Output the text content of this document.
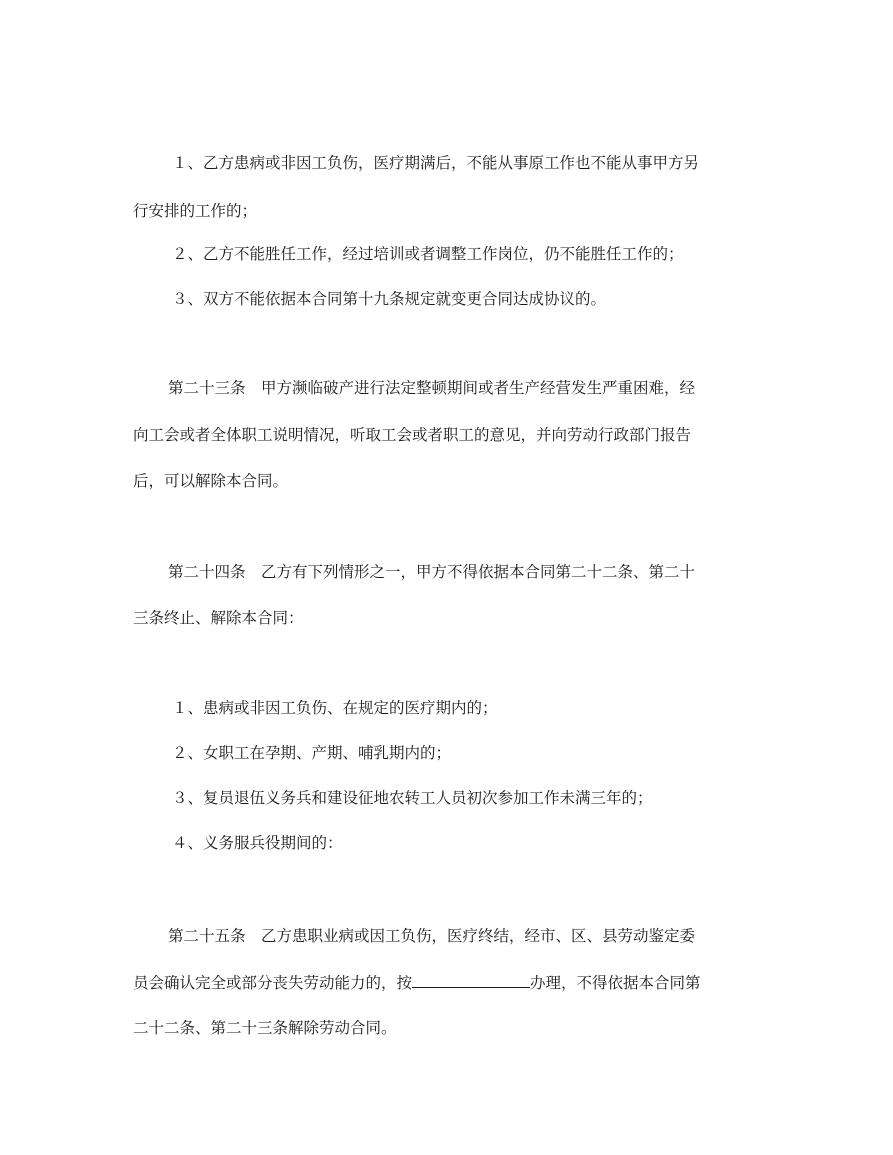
１、乙方患病或非因工负伤，医疗期满后，不能从事原工作也不能从事甲方另
行安排的工作的；
２、乙方不能胜任工作，经过培训或者调整工作岗位，仍不能胜任工作的；
３、双方不能依据本合同第十九条规定就变更合同达成协议的。
第二十三条　甲方濒临破产进行法定整顿期间或者生产经营发生严重困难，经
向工会或者全体职工说明情况，听取工会或者职工的意见，并向劳动行政部门报告
后，可以解除本合同。
第二十四条　乙方有下列情形之一，甲方不得依据本合同第二十二条、第二十
三条终止、解除本合同：
１、患病或非因工负伤、在规定的医疗期内的；
２、女职工在孕期、产期、哺乳期内的；
３、复员退伍义务兵和建设征地农转工人员初次参加工作未满三年的；
４、义务服兵役期间的：
第二十五条　乙方患职业病或因工负伤，医疗终结，经市、区、县劳动鉴定委
员会确认完全或部分丧失劳动能力的，按	办理，不得依据本合同第
二十二条、第二十三条解除劳动合同。
